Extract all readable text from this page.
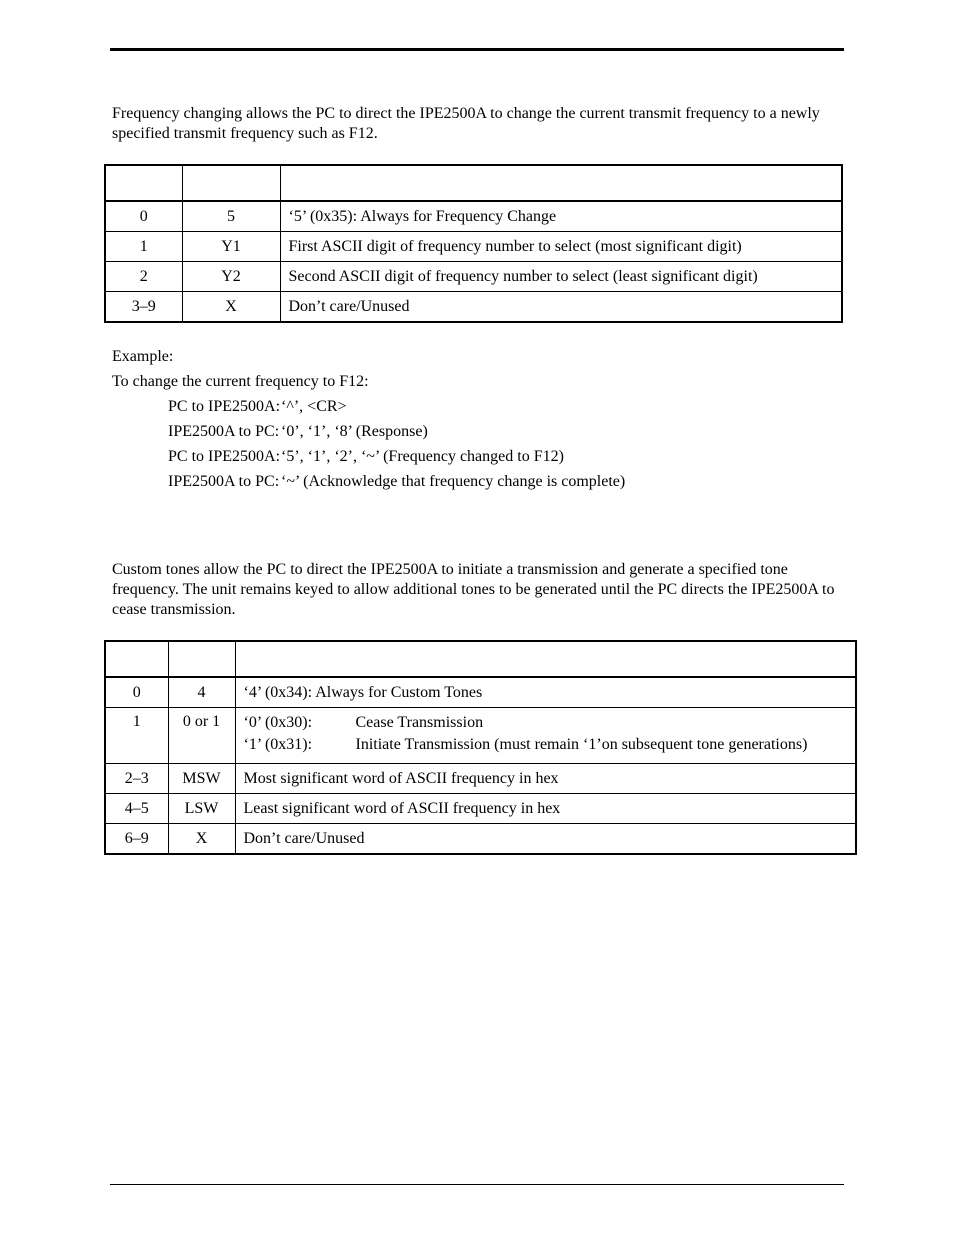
Frequency changing allows the PC to direct the IPE2500A to change the current transmit frequency to a newly specified transmit frequency such as F12.

0	5	‘5’ (0x35): Always for Frequency Change
1	Y1	First ASCII digit of frequency number to select (most significant digit)
2	Y2	Second ASCII digit of frequency number to select (least significant digit)
3–9	X	Don’t care/Unused
Example:
To change the current frequency to F12:
PC to IPE2500A: ‘^’, <CR>
IPE2500A to PC: ‘0’, ‘1’, ‘8’ (Response)
PC to IPE2500A: ‘5’, ‘1’, ‘2’, ‘~’ (Frequency changed to F12)
IPE2500A to PC: ‘~’ (Acknowledge that frequency change is complete)

Custom tones allow the PC to direct the IPE2500A to initiate a transmission and generate a specified tone frequency. The unit remains keyed to allow additional tones to be generated until the PC directs the IPE2500A to cease transmission.

0	4	‘4’ (0x34): Always for Custom Tones
1	0 or 1	‘0’ (0x30): Cease Transmission
‘1’ (0x31): Initiate Transmission (must remain ‘1’on subsequent tone generations)

2–3	MSW	Most significant word of ASCII frequency in hex
4–5	LSW	Least significant word of ASCII frequency in hex
6–9	X	Don’t care/Unused
